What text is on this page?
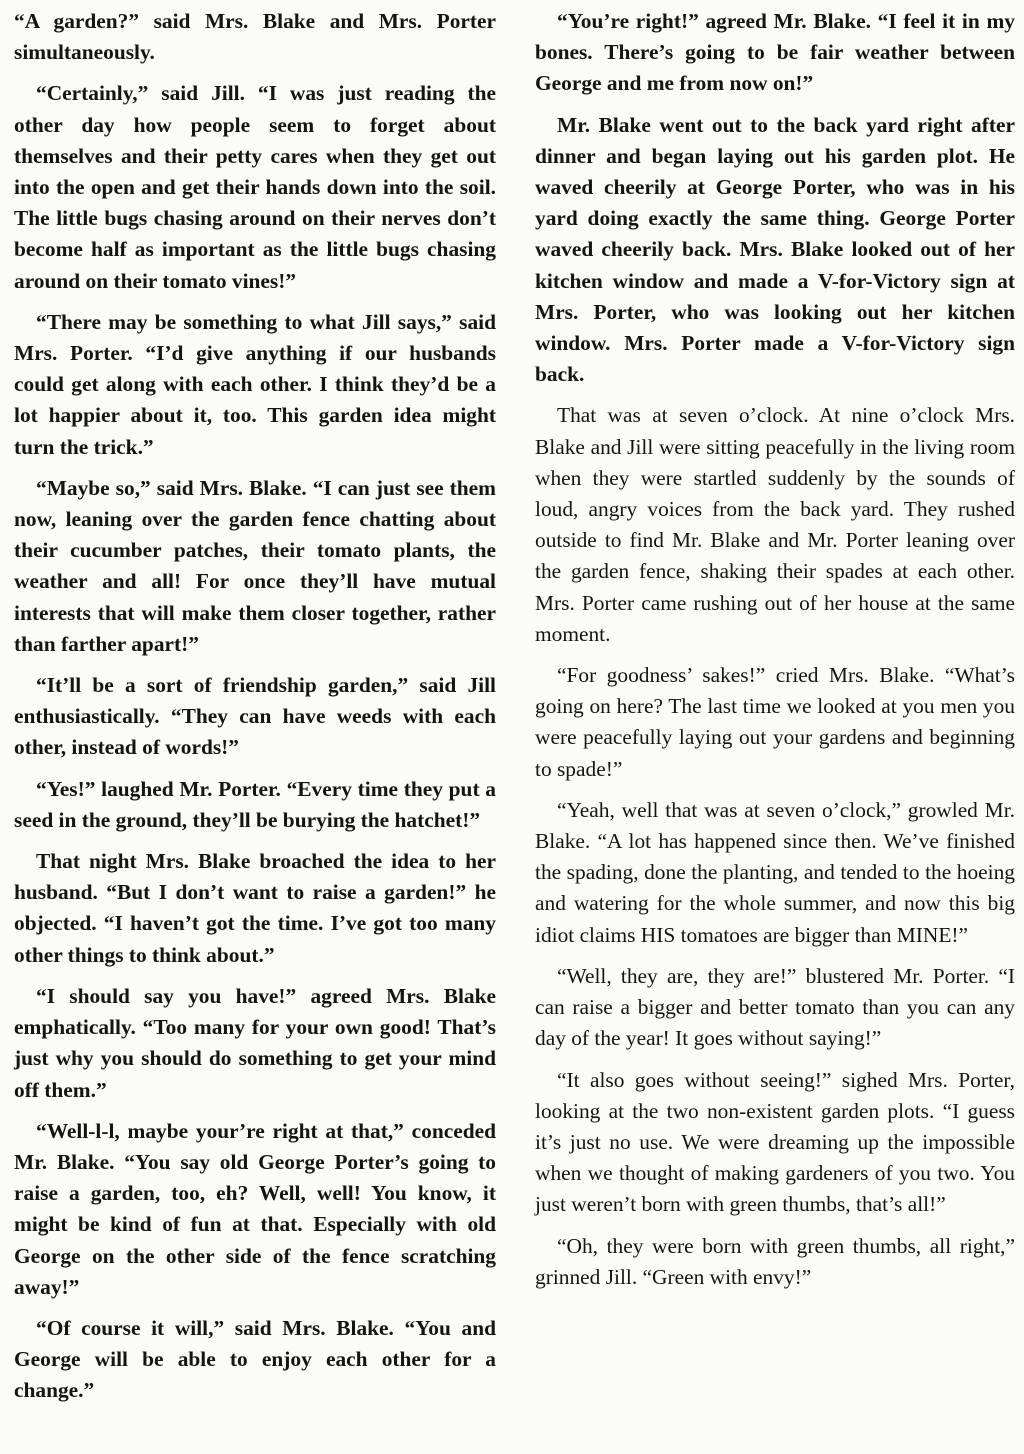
“A garden?” said Mrs. Blake and Mrs. Porter simultaneously.

“Certainly,” said Jill. “I was just reading the other day how people seem to forget about themselves and their petty cares when they get out into the open and get their hands down into the soil. The little bugs chasing around on their nerves don’t become half as important as the little bugs chasing around on their tomato vines!”

“There may be something to what Jill says,” said Mrs. Porter. “I’d give anything if our husbands could get along with each other. I think they’d be a lot happier about it, too. This garden idea might turn the trick.”

“Maybe so,” said Mrs. Blake. “I can just see them now, leaning over the garden fence chatting about their cucumber patches, their tomato plants, the weather and all! For once they’ll have mutual interests that will make them closer together, rather than farther apart!”

“It’ll be a sort of friendship garden,” said Jill enthusiastically. “They can have weeds with each other, instead of words!”

“Yes!” laughed Mr. Porter. “Every time they put a seed in the ground, they’ll be burying the hatchet!”

That night Mrs. Blake broached the idea to her husband. “But I don’t want to raise a garden!” he objected. “I haven’t got the time. I’ve got too many other things to think about.”

“I should say you have!” agreed Mrs. Blake emphatically. “Too many for your own good! That’s just why you should do something to get your mind off them.”

“Well-l-l, maybe your’re right at that,” conceded Mr. Blake. “You say old George Porter’s going to raise a garden, too, eh? Well, well! You know, it might be kind of fun at that. Especially with old George on the other side of the fence scratching away!”

“Of course it will,” said Mrs. Blake. “You and George will be able to enjoy each other for a change.”

“You’re right!” agreed Mr. Blake. “I feel it in my bones. There’s going to be fair weather between George and me from now on!”

Mr. Blake went out to the back yard right after dinner and began laying out his garden plot. He waved cheerily at George Porter, who was in his yard doing exactly the same thing. George Porter waved cheerily back. Mrs. Blake looked out of her kitchen window and made a V-for-Victory sign at Mrs. Porter, who was looking out her kitchen window. Mrs. Porter made a V-for-Victory sign back.

That was at seven o’clock. At nine o’clock Mrs. Blake and Jill were sitting peacefully in the living room when they were startled suddenly by the sounds of loud, angry voices from the back yard. They rushed outside to find Mr. Blake and Mr. Porter leaning over the garden fence, shaking their spades at each other. Mrs. Porter came rushing out of her house at the same moment.

“For goodness’ sakes!” cried Mrs. Blake. “What’s going on here? The last time we looked at you men you were peacefully laying out your gardens and beginning to spade!”

“Yeah, well that was at seven o’clock,” growled Mr. Blake. “A lot has happened since then. We’ve finished the spading, done the planting, and tended to the hoeing and watering for the whole summer, and now this big idiot claims HIS tomatoes are bigger than MINE!”

“Well, they are, they are!” blustered Mr. Porter. “I can raise a bigger and better tomato than you can any day of the year! It goes without saying!”

“It also goes without seeing!” sighed Mrs. Porter, looking at the two non-existent garden plots. “I guess it’s just no use. We were dreaming up the impossible when we thought of making gardeners of you two. You just weren’t born with green thumbs, that’s all!”

“Oh, they were born with green thumbs, all right,” grinned Jill. “Green with envy!”
